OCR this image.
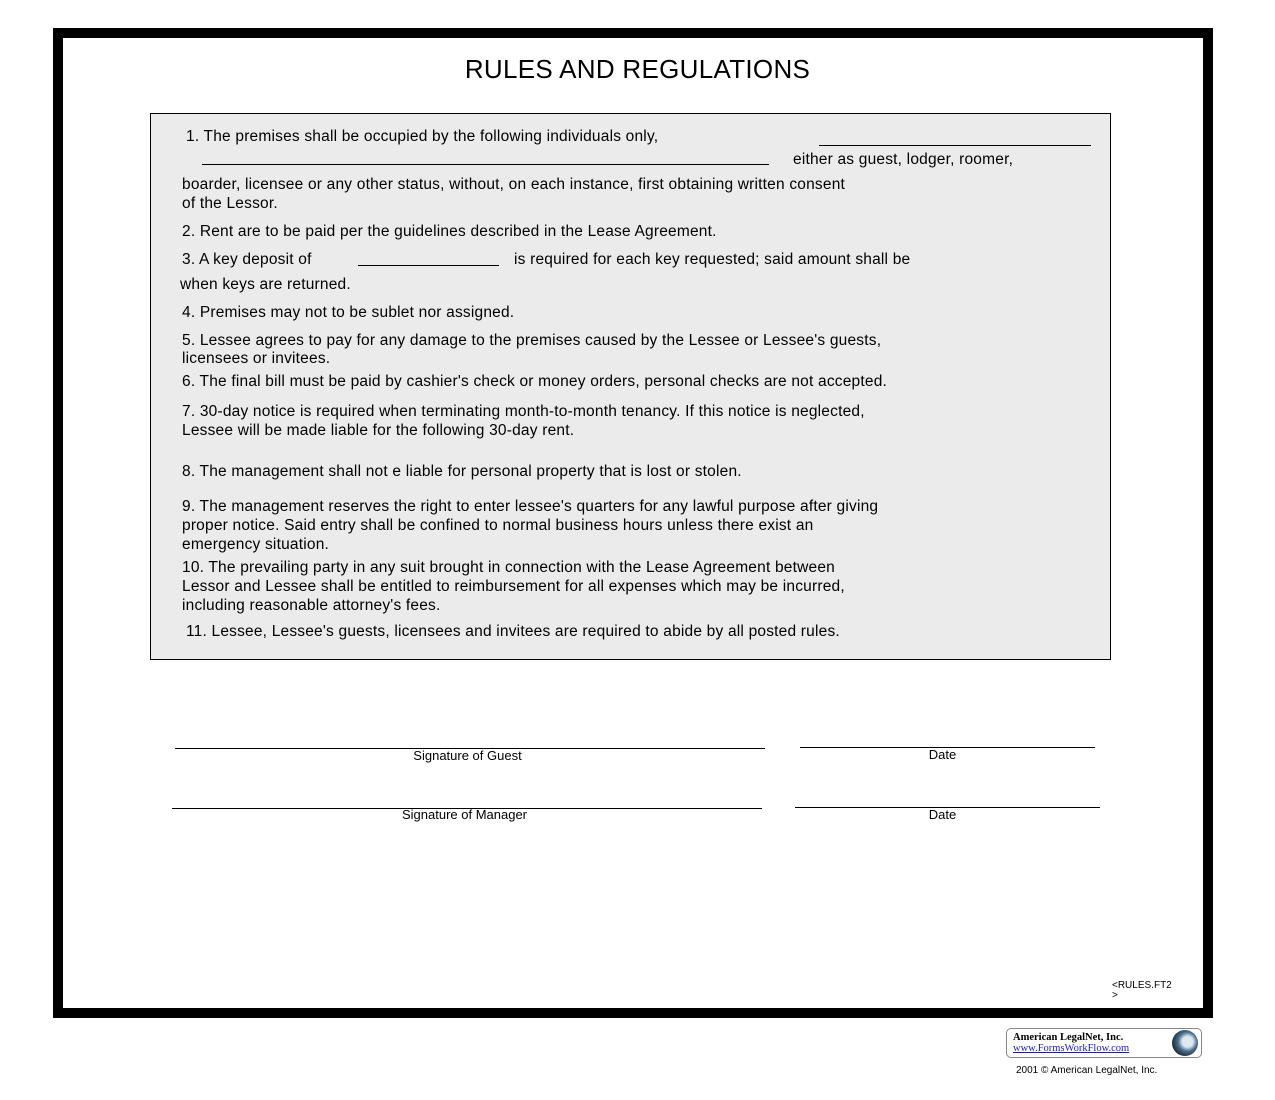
RULES AND REGULATIONS
1. The premises shall be occupied by the following individuals only,
either as guest, lodger, roomer,
boarder, licensee or any other status, without, on each instance, first obtaining written consent
of the Lessor.
2. Rent are to be paid per the guidelines described in the Lease Agreement.
3. A key deposit of	is required for each key requested; said amount shall be
when keys are returned.
4. Premises may not to be sublet nor assigned.
5. Lessee agrees to pay for any damage to the premises caused by the Lessee or Lessee's guests,
licensees or invitees.
6. The final bill must be paid by cashier's check or money orders, personal checks are not accepted.
7. 30-day notice is required when terminating month-to-month tenancy. If this notice is neglected,
Lessee will be made liable for the following 30-day rent.
8. The management shall not e liable for personal property that is lost or stolen.
9. The management reserves the right to enter lessee's quarters for any lawful purpose after giving
proper notice. Said entry shall be confined to normal business hours unless there exist an
emergency situation.
10. The prevailing party in any suit brought in connection with the Lease Agreement between
Lessor and Lessee shall be entitled to reimbursement for all expenses which may be incurred,
including reasonable attorney's fees.
11. Lessee, Lessee's guests, licensees and invitees are required to abide by all posted rules.
Signature of Guest	Date
Signature of Manager	Date
<RULES.FT2
>
American LegalNet, Inc.
www.FormsWorkFlow.com
2001 © American LegalNet, Inc.
